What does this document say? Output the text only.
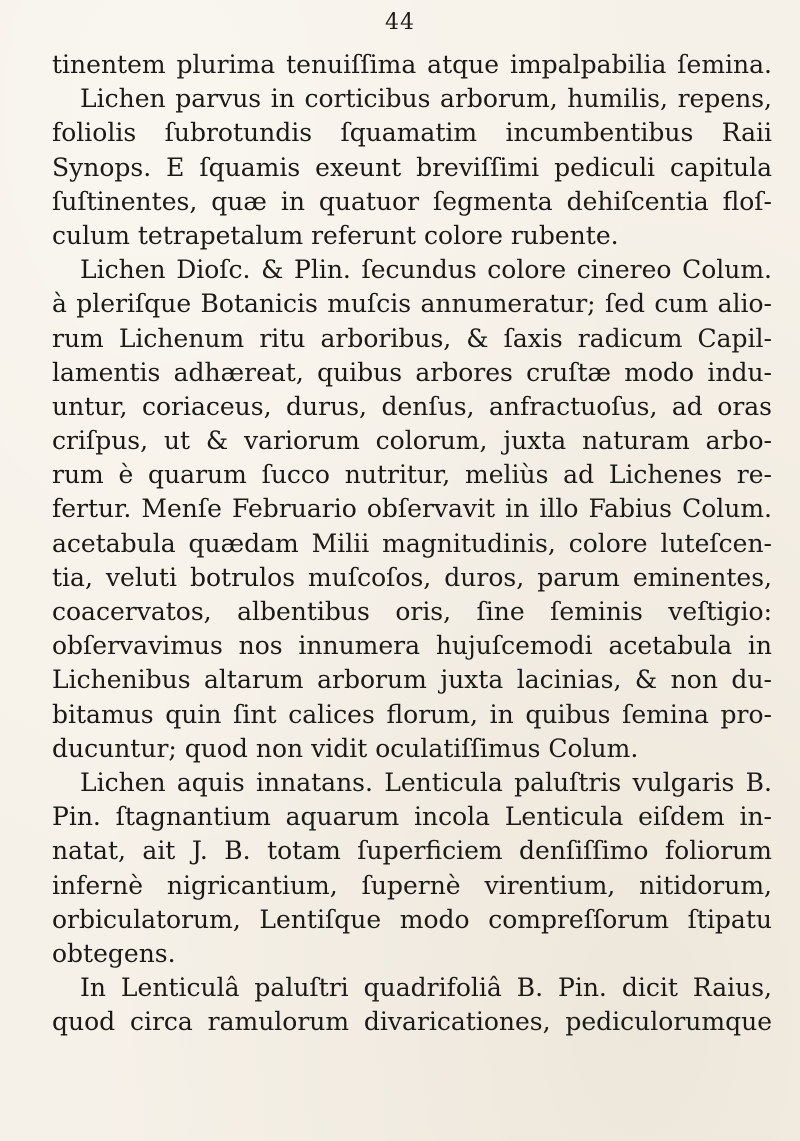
44
tinentem plurima tenuiſſima atque impalpabilia ſemina.
Lichen parvus in corticibus arborum, humilis, repens,
foliolis ſubrotundis ſquamatim incumbentibus Raii
Synops. E ſquamis exeunt breviſſimi pediculi capitula
ſuſtinentes, quæ in quatuor ſegmenta dehiſcentia floſ-
culum tetrapetalum referunt colore rubente.
Lichen Dioſc. & Plin. ſecundus colore cinereo Colum.
à pleriſque Botanicis muſcis annumeratur; ſed cum alio-
rum Lichenum ritu arboribus, & ſaxis radicum Capil-
lamentis adhæreat, quibus arbores cruſtæ modo indu-
untur, coriaceus, durus, denſus, anfractuoſus, ad oras
criſpus, ut & variorum colorum, juxta naturam arbo-
rum è quarum ſucco nutritur, meliùs ad Lichenes re-
fertur. Menſe Februario obſervavit in illo Fabius Colum.
acetabula quædam Milii magnitudinis, colore luteſcen-
tia, veluti botrulos muſcoſos, duros, parum eminentes,
coacervatos, albentibus oris, ſine ſeminis veſtigio:
obſervavimus nos innumera hujuſcemodi acetabula in
Lichenibus altarum arborum juxta lacinias, & non du-
bitamus quin ſint calices florum, in quibus ſemina pro-
ducuntur; quod non vidit oculatiſſimus Colum.
Lichen aquis innatans. Lenticula paluſtris vulgaris B.
Pin. ſtagnantium aquarum incola Lenticula eiſdem in-
natat, ait J. B. totam ſuperficiem denſiſſimo foliorum
infernè nigricantium, ſupernè virentium, nitidorum,
orbiculatorum, Lentiſque modo compreſſorum ſtipatu
obtegens.
In Lenticulâ paluſtri quadrifoliâ B. Pin. dicit Raius,
quod circa ramulorum divaricationes, pediculorumque
